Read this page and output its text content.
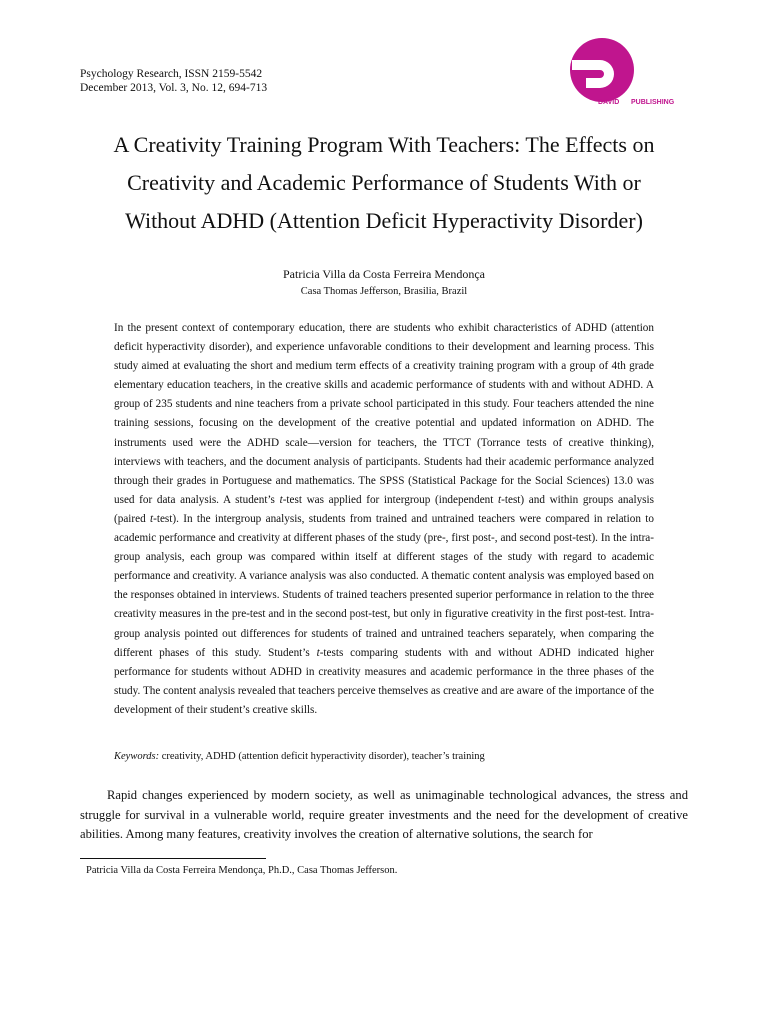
Psychology Research, ISSN 2159-5542
December 2013, Vol. 3, No. 12, 694-713
DAVID PUBLISHING
A Creativity Training Program With Teachers: The Effects on
Creativity and Academic Performance of Students With or
Without ADHD (Attention Deficit Hyperactivity Disorder)
Patricia Villa da Costa Ferreira Mendonça
Casa Thomas Jefferson, Brasilia, Brazil
In the present context of contemporary education, there are students who exhibit characteristics of ADHD (attention deficit hyperactivity disorder), and experience unfavorable conditions to their development and learning process. This study aimed at evaluating the short and medium term effects of a creativity training program with a group of 4th grade elementary education teachers, in the creative skills and academic performance of students with and without ADHD. A group of 235 students and nine teachers from a private school participated in this study. Four teachers attended the nine training sessions, focusing on the development of the creative potential and updated information on ADHD. The instruments used were the ADHD scale—version for teachers, the TTCT (Torrance tests of creative thinking), interviews with teachers, and the document analysis of participants. Students had their academic performance analyzed through their grades in Portuguese and mathematics. The SPSS (Statistical Package for the Social Sciences) 13.0 was used for data analysis. A student’s t-test was applied for intergroup (independent t-test) and within groups analysis (paired t-test). In the intergroup analysis, students from trained and untrained teachers were compared in relation to academic performance and creativity at different phases of the study (pre-, first post-, and second post-test). In the intra-group analysis, each group was compared within itself at different stages of the study with regard to academic performance and creativity. A variance analysis was also conducted. A thematic content analysis was employed based on the responses obtained in interviews. Students of trained teachers presented superior performance in relation to the three creativity measures in the pre-test and in the second post-test, but only in figurative creativity in the first post-test. Intra-group analysis pointed out differences for students of trained and untrained teachers separately, when comparing the different phases of this study. Student’s t-tests comparing students with and without ADHD indicated higher performance for students without ADHD in creativity measures and academic performance in the three phases of the study. The content analysis revealed that teachers perceive themselves as creative and are aware of the importance of the development of their student’s creative skills.
Keywords: creativity, ADHD (attention deficit hyperactivity disorder), teacher’s training
Rapid changes experienced by modern society, as well as unimaginable technological advances, the stress and struggle for survival in a vulnerable world, require greater investments and the need for the development of creative abilities. Among many features, creativity involves the creation of alternative solutions, the search for
Patricia Villa da Costa Ferreira Mendonça, Ph.D., Casa Thomas Jefferson.
